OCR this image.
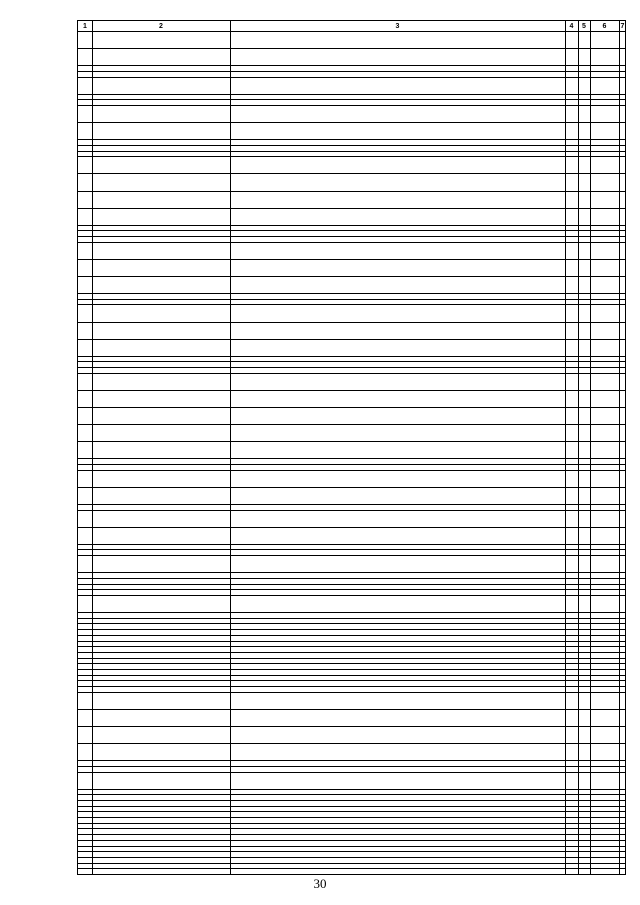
1	2	3	4	5	6	7
30
